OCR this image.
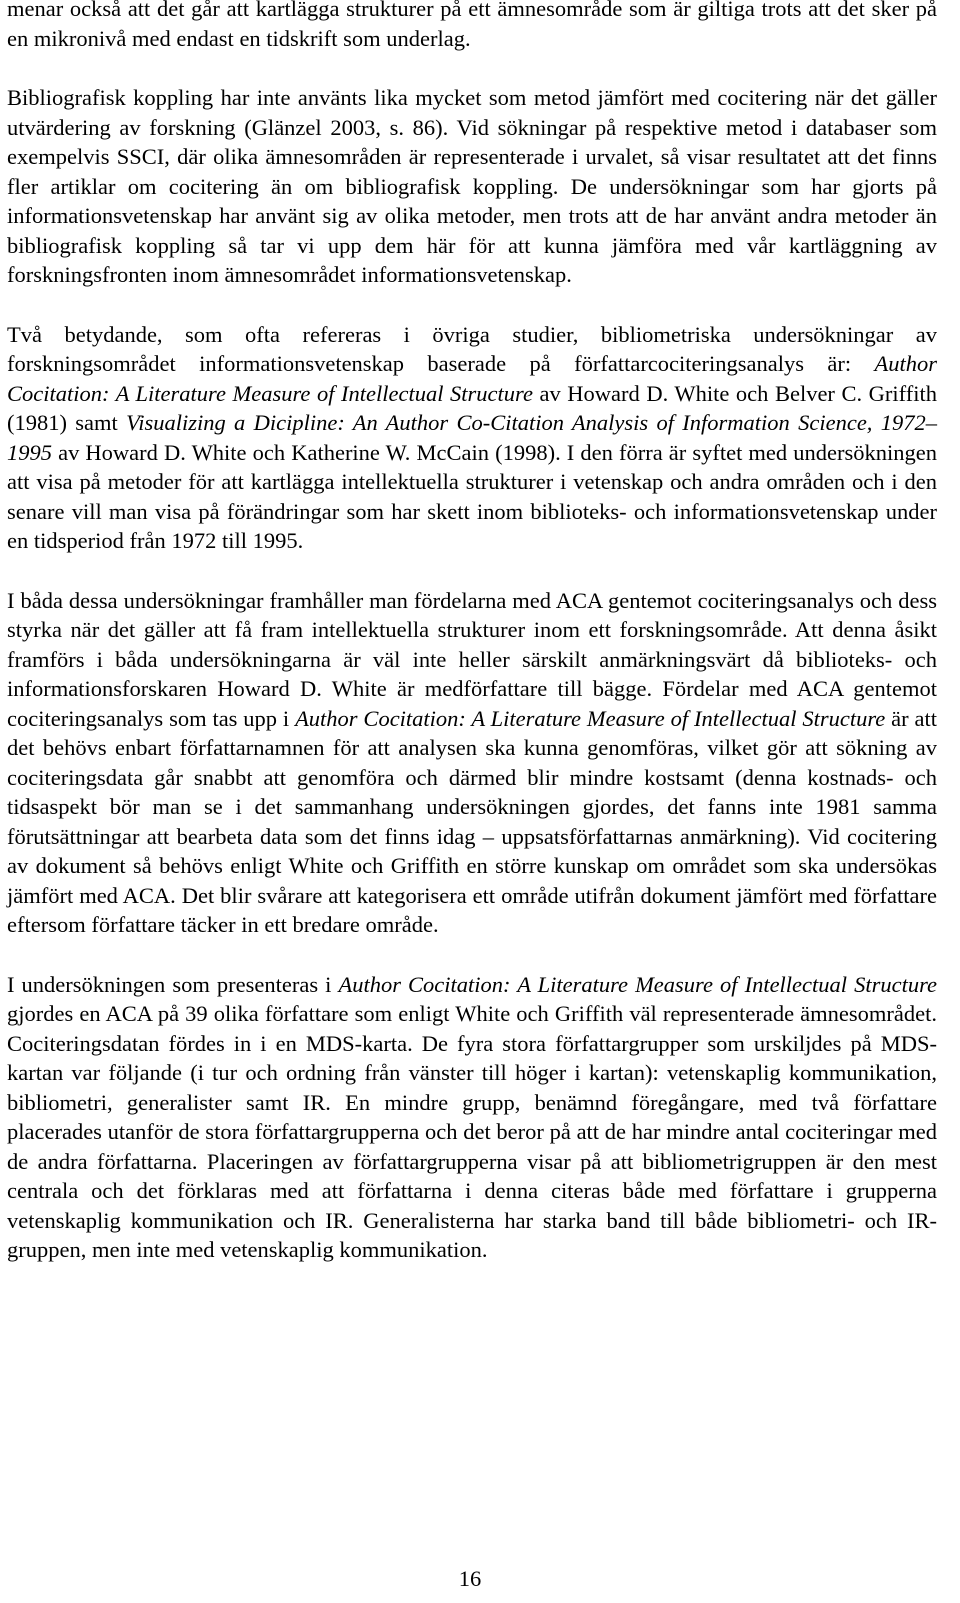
menar också att det går att kartlägga strukturer på ett ämnesområde som är giltiga trots att det sker på en mikronivå med endast en tidskrift som underlag.

Bibliografisk koppling har inte använts lika mycket som metod jämfört med cocitering när det gäller utvärdering av forskning (Glänzel 2003, s. 86). Vid sökningar på respektive metod i databaser som exempelvis SSCI, där olika ämnesområden är representerade i urvalet, så visar resultatet att det finns fler artiklar om cocitering än om bibliografisk koppling. De undersökningar som har gjorts på informationsvetenskap har använt sig av olika metoder, men trots att de har använt andra metoder än bibliografisk koppling så tar vi upp dem här för att kunna jämföra med vår kartläggning av forskningsfronten inom ämnesområdet informationsvetenskap.

Två betydande, som ofta refereras i övriga studier, bibliometriska undersökningar av forskningsområdet informationsvetenskap baserade på författarcociteringsanalys är: Author Cocitation: A Literature Measure of Intellectual Structure av Howard D. White och Belver C. Griffith (1981) samt Visualizing a Dicipline: An Author Co-Citation Analysis of Information Science, 1972–1995 av Howard D. White och Katherine W. McCain (1998). I den förra är syftet med undersökningen att visa på metoder för att kartlägga intellektuella strukturer i vetenskap och andra områden och i den senare vill man visa på förändringar som har skett inom biblioteks- och informationsvetenskap under en tidsperiod från 1972 till 1995.

I båda dessa undersökningar framhåller man fördelarna med ACA gentemot cociteringsanalys och dess styrka när det gäller att få fram intellektuella strukturer inom ett forskningsområde. Att denna åsikt framförs i båda undersökningarna är väl inte heller särskilt anmärkningsvärt då biblioteks- och informationsforskaren Howard D. White är medförfattare till bägge. Fördelar med ACA gentemot cociteringsanalys som tas upp i Author Cocitation: A Literature Measure of Intellectual Structure är att det behövs enbart författarnamnen för att analysen ska kunna genomföras, vilket gör att sökning av cociteringsdata går snabbt att genomföra och därmed blir mindre kostsamt (denna kostnads- och tidsaspekt bör man se i det sammanhang undersökningen gjordes, det fanns inte 1981 samma förutsättningar att bearbeta data som det finns idag – uppsatsförfattarnas anmärkning). Vid cocitering av dokument så behövs enligt White och Griffith en större kunskap om området som ska undersökas jämfört med ACA. Det blir svårare att kategorisera ett område utifrån dokument jämfört med författare eftersom författare täcker in ett bredare område.

I undersökningen som presenteras i Author Cocitation: A Literature Measure of Intellectual Structure gjordes en ACA på 39 olika författare som enligt White och Griffith väl representerade ämnesområdet. Cociteringsdatan fördes in i en MDS-karta. De fyra stora författargrupper som urskiljdes på MDS-kartan var följande (i tur och ordning från vänster till höger i kartan): vetenskaplig kommunikation, bibliometri, generalister samt IR. En mindre grupp, benämnd föregångare, med två författare placerades utanför de stora författargrupperna och det beror på att de har mindre antal cociteringar med de andra författarna. Placeringen av författargrupperna visar på att bibliometrigruppen är den mest centrala och det förklaras med att författarna i denna citeras både med författare i grupperna vetenskaplig kommunikation och IR. Generalisterna har starka band till både bibliometri- och IR-gruppen, men inte med vetenskaplig kommunikation.

16
